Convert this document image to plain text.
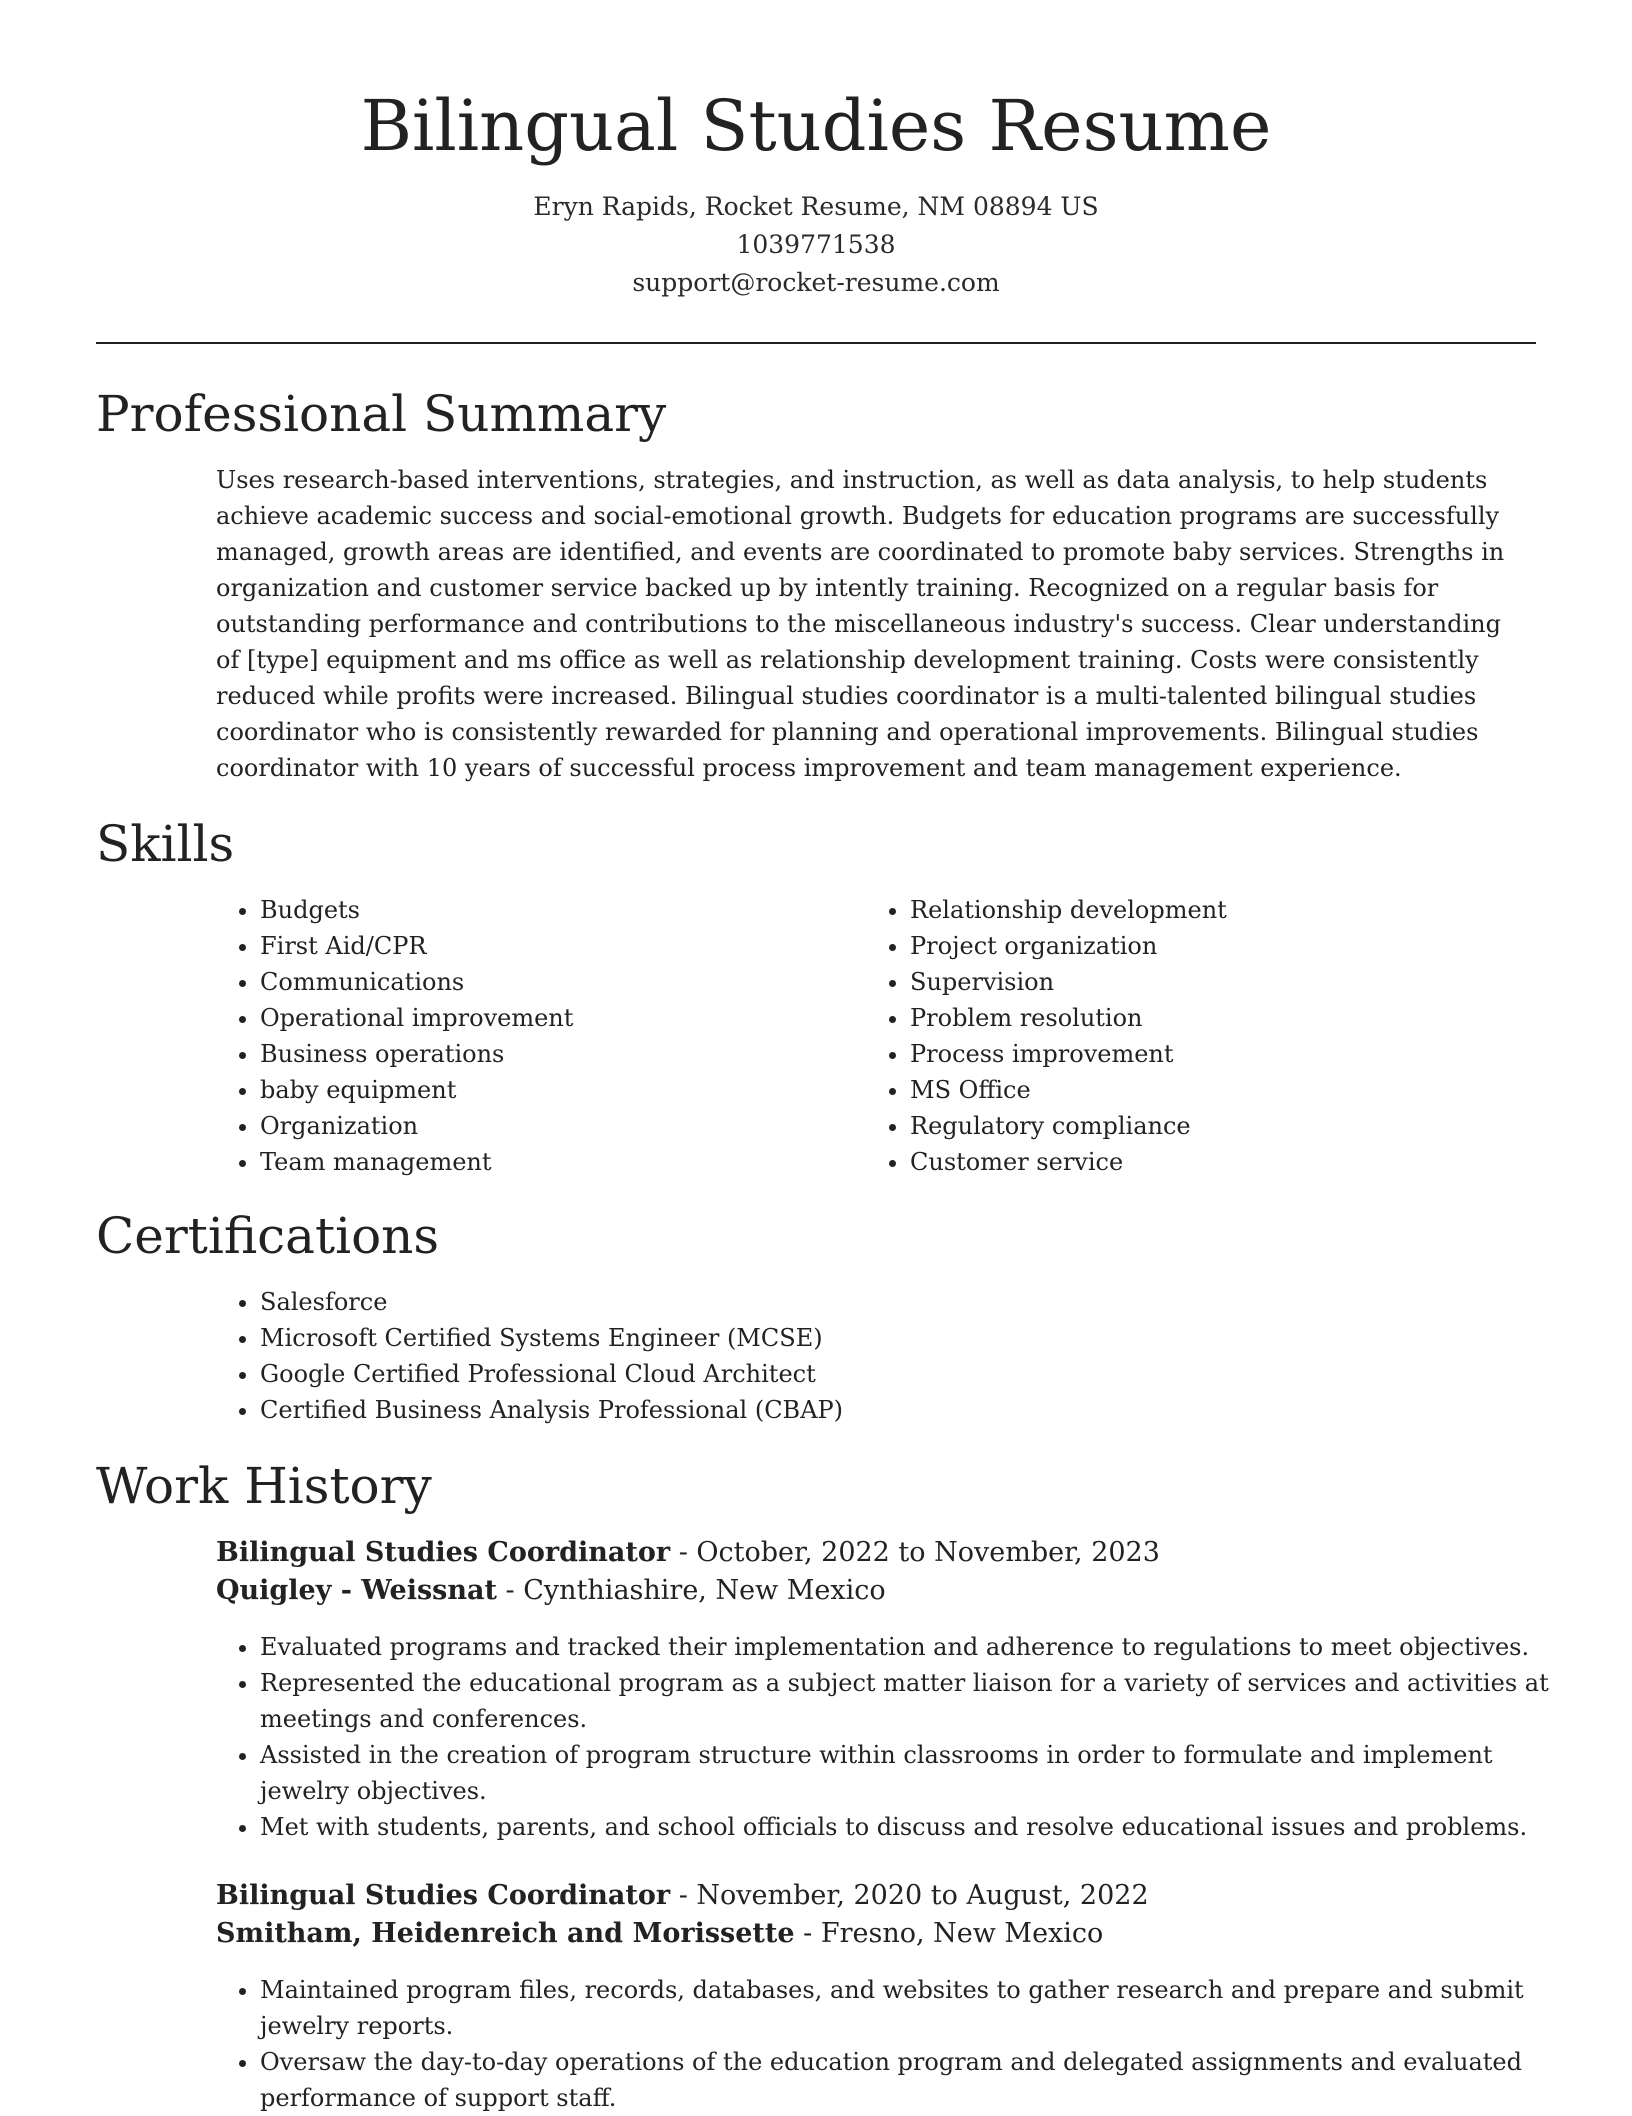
Bilingual Studies Resume

Eryn Rapids, Rocket Resume, NM 08894 US

1039771538

support@rocket-resume.com

Professional Summary

Uses research-based interventions, strategies, and instruction, as well as data analysis, to help students achieve academic success and social-emotional growth. Budgets for education programs are successfully managed, growth areas are identified, and events are coordinated to promote baby services. Strengths in organization and customer service backed up by intently training. Recognized on a regular basis for outstanding performance and contributions to the miscellaneous industry's success. Clear understanding of [type] equipment and ms office as well as relationship development training. Costs were consistently reduced while profits were increased. Bilingual studies coordinator is a multi-talented bilingual studies coordinator who is consistently rewarded for planning and operational improvements. Bilingual studies coordinator with 10 years of successful process improvement and team management experience.

Skills
• Budgets
• First Aid/CPR
• Communications
• Operational improvement
• Business operations
• baby equipment
• Organization
• Team management
• Relationship development
• Project organization
• Supervision
• Problem resolution
• Process improvement
• MS Office
• Regulatory compliance
• Customer service
Certifications
• Salesforce
• Microsoft Certified Systems Engineer (MCSE)
• Google Certified Professional Cloud Architect
• Certified Business Analysis Professional (CBAP)
Work History

Bilingual Studies Coordinator - October, 2022 to November, 2023

Quigley - Weissnat - Cynthiashire, New Mexico

• Evaluated programs and tracked their implementation and adherence to regulations to meet objectives.
• Represented the educational program as a subject matter liaison for a variety of services and activities at meetings and conferences.
• Assisted in the creation of program structure within classrooms in order to formulate and implement jewelry objectives.
• Met with students, parents, and school officials to discuss and resolve educational issues and problems.

Bilingual Studies Coordinator - November, 2020 to August, 2022

Smitham, Heidenreich and Morissette - Fresno, New Mexico

• Maintained program files, records, databases, and websites to gather research and prepare and submit jewelry reports.
• Oversaw the day-to-day operations of the education program and delegated assignments and evaluated performance of support staff.
